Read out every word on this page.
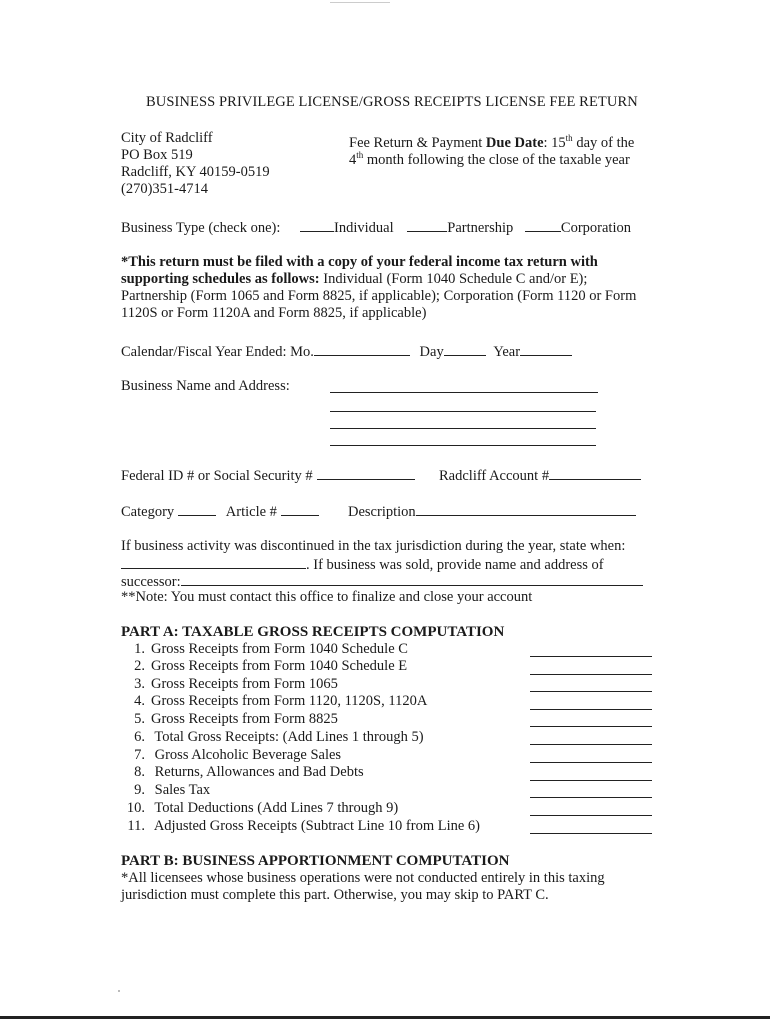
BUSINESS PRIVILEGE LICENSE/GROSS RECEIPTS LICENSE FEE RETURN
City of Radcliff
PO Box 519
Radcliff, KY 40159-0519
(270)351-4714
Fee Return & Payment Due Date: 15th day of the
4th month following the close of the taxable year
Business Type (check one):	Individual	Partnership	Corporation
*This return must be filed with a copy of your federal income tax return with
supporting schedules as follows: Individual (Form 1040 Schedule C and/or E);
Partnership (Form 1065 and Form 8825, if applicable); Corporation (Form 1120 or Form
1120S or Form 1120A and Form 8825, if applicable)
Calendar/Fiscal Year Ended: Mo.	Day	Year
Business Name and Address:
Federal ID # or Social Security #	Radcliff Account #
Category	Article #	Description
If business activity was discontinued in the tax jurisdiction during the year, state when:
. If business was sold, provide name and address of
successor:
**Note: You must contact this office to finalize and close your account
PART A: TAXABLE GROSS RECEIPTS COMPUTATION
1. Gross Receipts from Form 1040 Schedule C
2. Gross Receipts from Form 1040 Schedule E
3. Gross Receipts from Form 1065
4. Gross Receipts from Form 1120, 1120S, 1120A
5. Gross Receipts from Form 8825
6. Total Gross Receipts: (Add Lines 1 through 5)
7. Gross Alcoholic Beverage Sales
8. Returns, Allowances and Bad Debts
9. Sales Tax
10. Total Deductions (Add Lines 7 through 9)
11. Adjusted Gross Receipts (Subtract Line 10 from Line 6)
PART B: BUSINESS APPORTIONMENT COMPUTATION
*All licensees whose business operations were not conducted entirely in this taxing
jurisdiction must complete this part. Otherwise, you may skip to PART C.
